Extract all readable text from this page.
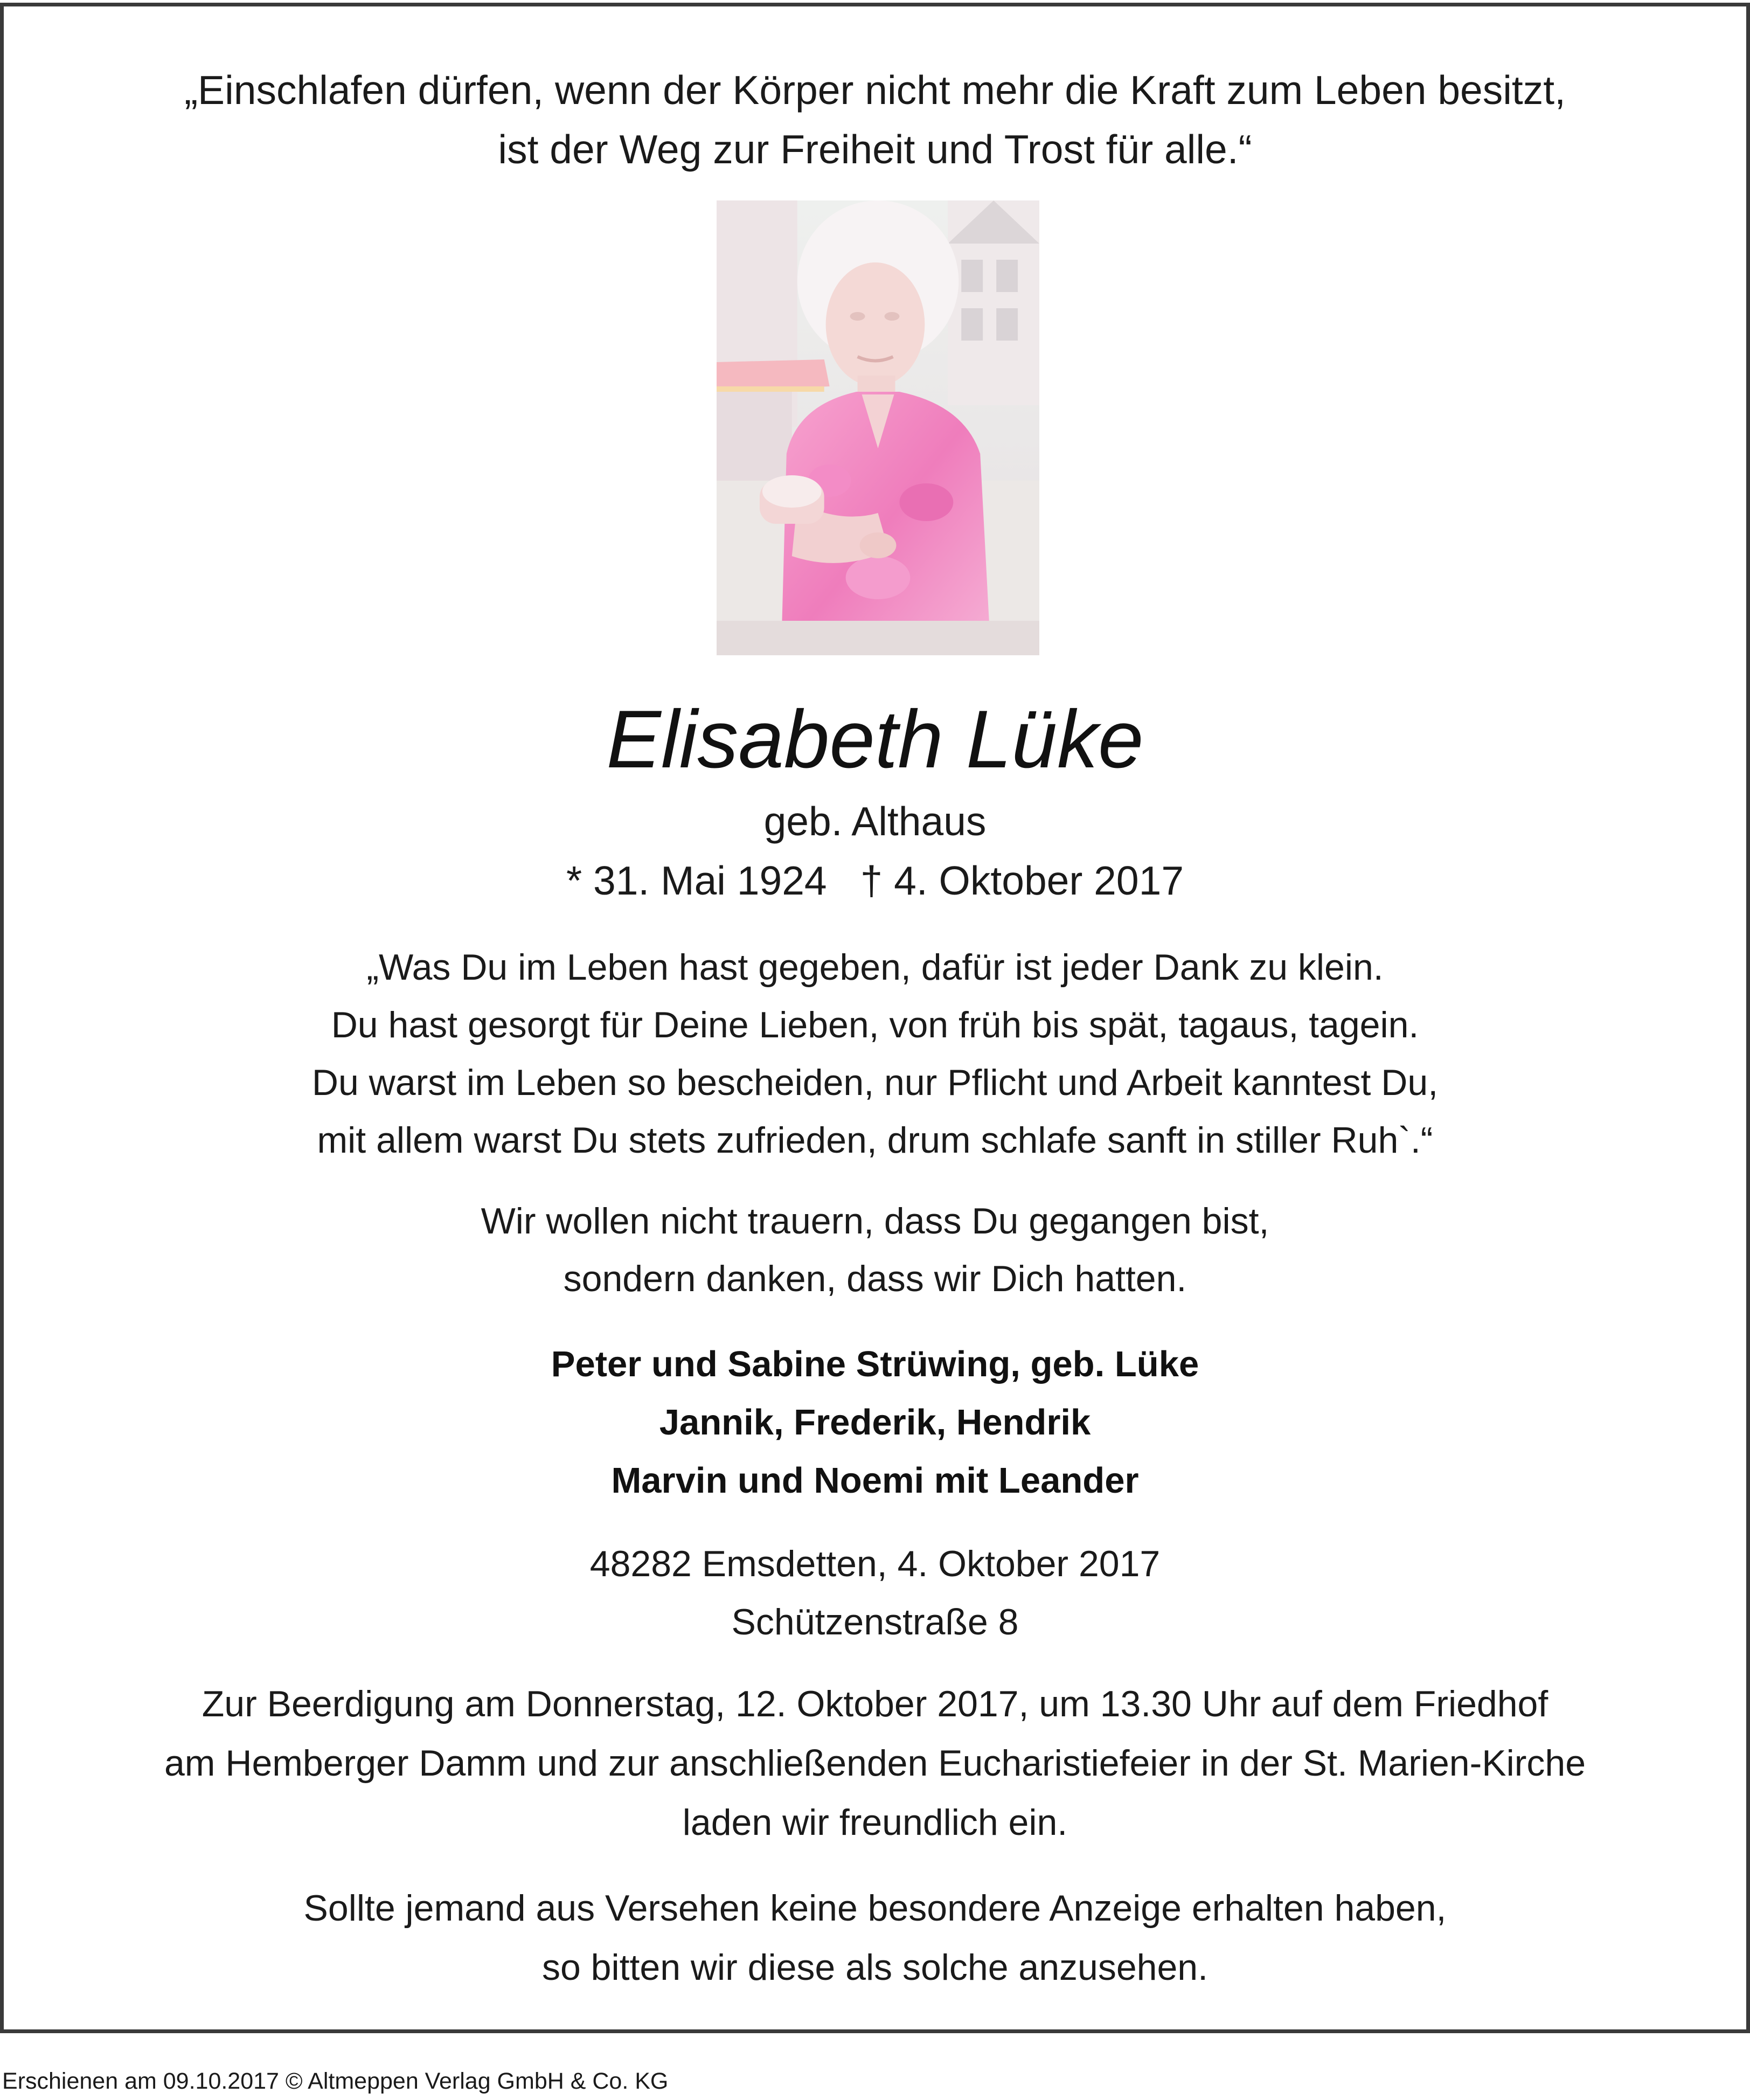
„Einschlafen dürfen, wenn der Körper nicht mehr die Kraft zum Leben besitzt,
ist der Weg zur Freiheit und Trost für alle.“
Elisabeth Lüke
geb. Althaus
* 31. Mai 1924 † 4. Oktober 2017
„Was Du im Leben hast gegeben, dafür ist jeder Dank zu klein.
Du hast gesorgt für Deine Lieben, von früh bis spät, tagaus, tagein.
Du warst im Leben so bescheiden, nur Pflicht und Arbeit kanntest Du,
mit allem warst Du stets zufrieden, drum schlafe sanft in stiller Ruh`.“
Wir wollen nicht trauern, dass Du gegangen bist,
sondern danken, dass wir Dich hatten.
Peter und Sabine Strüwing, geb. Lüke
Jannik, Frederik, Hendrik
Marvin und Noemi mit Leander
48282 Emsdetten, 4. Oktober 2017
Schützenstraße 8
Zur Beerdigung am Donnerstag, 12. Oktober 2017, um 13.30 Uhr auf dem Friedhof
am Hemberger Damm und zur anschließenden Eucharistiefeier in der St. Marien-Kirche
laden wir freundlich ein.
Sollte jemand aus Versehen keine besondere Anzeige erhalten haben,
so bitten wir diese als solche anzusehen.
Erschienen am 09.10.2017 © Altmeppen Verlag GmbH & Co. KG
